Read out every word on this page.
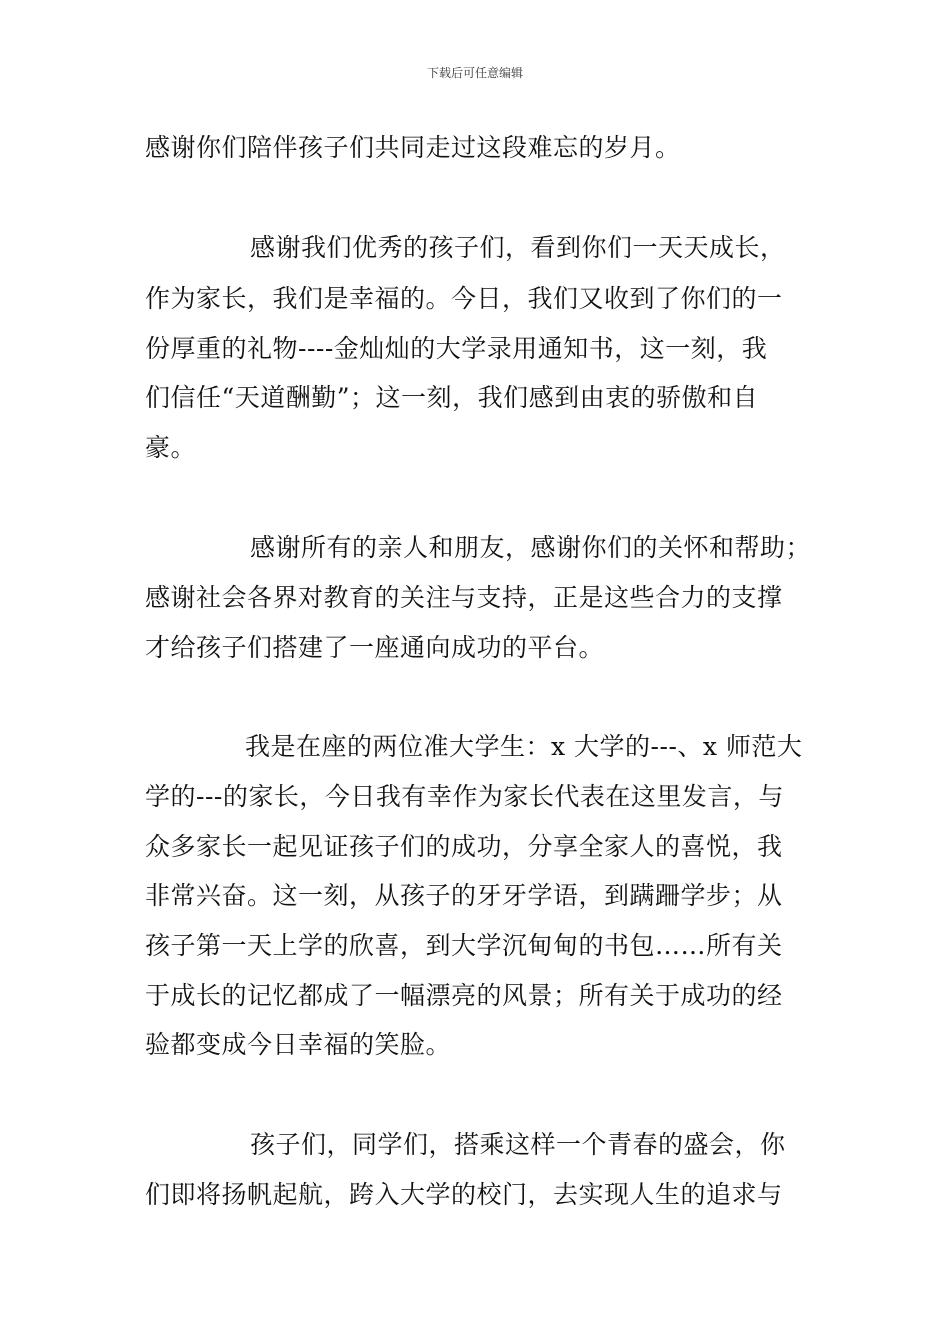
下载后可任意编辑
感谢你们陪伴孩子们共同走过这段难忘的岁月。
感谢我们优秀的孩子们，看到你们一天天成长，
作为家长，我们是幸福的。今日，我们又收到了你们的一
份厚重的礼物----金灿灿的大学录用通知书，这一刻，我
们信任“天道酬勤”；这一刻，我们感到由衷的骄傲和自
豪。
感谢所有的亲人和朋友，感谢你们的关怀和帮助；
感谢社会各界对教育的关注与支持，正是这些合力的支撑
才给孩子们搭建了一座通向成功的平台。
我是在座的两位准大学生：x 大学的---、x 师范大
学的---的家长，今日我有幸作为家长代表在这里发言，与
众多家长一起见证孩子们的成功，分享全家人的喜悦，我
非常兴奋。这一刻，从孩子的牙牙学语，到蹒跚学步；从
孩子第一天上学的欣喜，到大学沉甸甸的书包……所有关
于成长的记忆都成了一幅漂亮的风景；所有关于成功的经
验都变成今日幸福的笑脸。
孩子们，同学们，搭乘这样一个青春的盛会，你
们即将扬帆起航，跨入大学的校门，去实现人生的追求与
